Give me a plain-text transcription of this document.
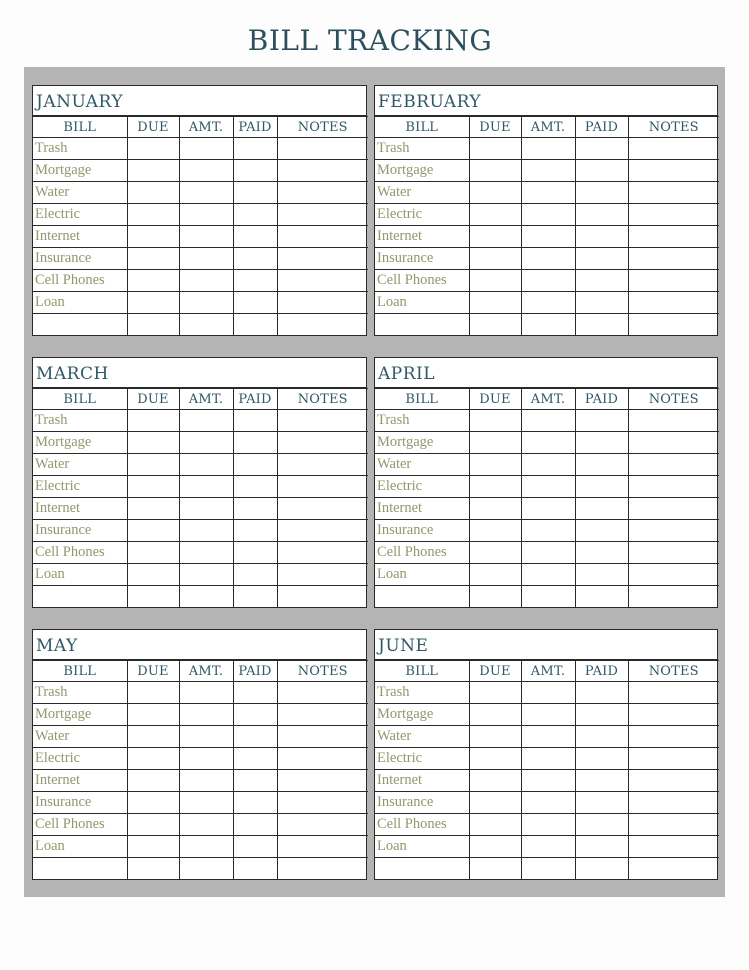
BILL TRACKING
JANUARY
BILL	DUE	AMT.	PAID	NOTES
Trash				
Mortgage				
Water				
Electric				
Internet				
Insurance				
Cell Phones				
Loan				

FEBRUARY
BILL	DUE	AMT.	PAID	NOTES
Trash				
Mortgage				
Water				
Electric				
Internet				
Insurance				
Cell Phones				
Loan				

MARCH
BILL	DUE	AMT.	PAID	NOTES
Trash				
Mortgage				
Water				
Electric				
Internet				
Insurance				
Cell Phones				
Loan				

APRIL
BILL	DUE	AMT.	PAID	NOTES
Trash				
Mortgage				
Water				
Electric				
Internet				
Insurance				
Cell Phones				
Loan				

MAY
BILL	DUE	AMT.	PAID	NOTES
Trash				
Mortgage				
Water				
Electric				
Internet				
Insurance				
Cell Phones				
Loan				

JUNE
BILL	DUE	AMT.	PAID	NOTES
Trash				
Mortgage				
Water				
Electric				
Internet				
Insurance				
Cell Phones				
Loan				
